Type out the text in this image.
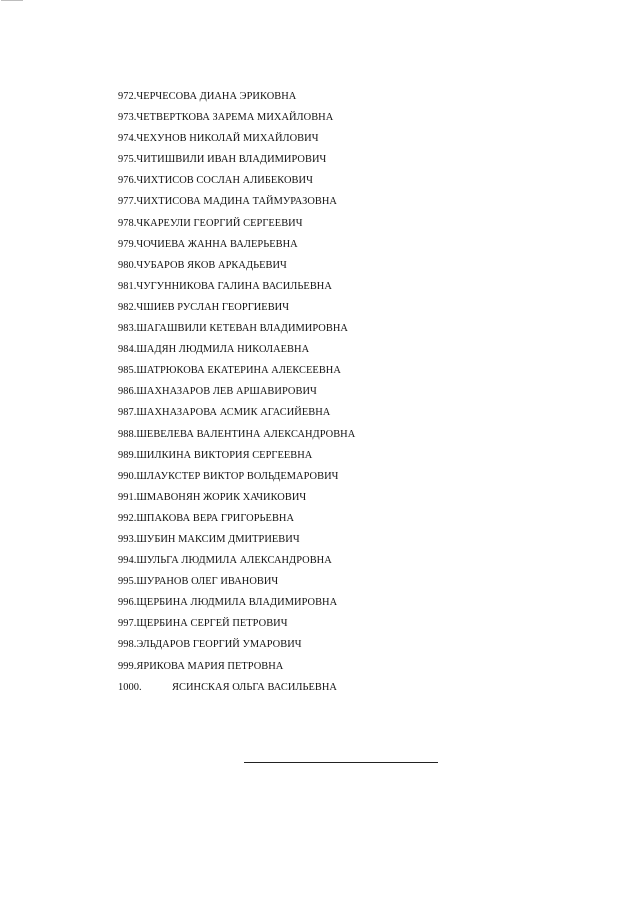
972.ЧЕРЧЕСОВА ДИАНА ЭРИКОВНА
973.ЧЕТВЕРТКОВА ЗАРЕМА МИХАЙЛОВНА
974.ЧЕХУНОВ НИКОЛАЙ МИХАЙЛОВИЧ
975.ЧИТИШВИЛИ ИВАН ВЛАДИМИРОВИЧ
976.ЧИХТИСОВ СОСЛАН АЛИБЕКОВИЧ
977.ЧИХТИСОВА МАДИНА ТАЙМУРАЗОВНА
978.ЧКАРЕУЛИ ГЕОРГИЙ СЕРГЕЕВИЧ
979.ЧОЧИЕВА ЖАННА ВАЛЕРЬЕВНА
980.ЧУБАРОВ ЯКОВ АРКАДЬЕВИЧ
981.ЧУГУННИКОВА ГАЛИНА ВАСИЛЬЕВНА
982.ЧШИЕВ РУСЛАН ГЕОРГИЕВИЧ
983.ШАГАШВИЛИ КЕТЕВАН ВЛАДИМИРОВНА
984.ШАДЯН ЛЮДМИЛА НИКОЛАЕВНА
985.ШАТРЮКОВА ЕКАТЕРИНА АЛЕКСЕЕВНА
986.ШАХНАЗАРОВ ЛЕВ АРШАВИРОВИЧ
987.ШАХНАЗАРОВА АСМИК АГАСИЙЕВНА
988.ШЕВЕЛЕВА ВАЛЕНТИНА АЛЕКСАНДРОВНА
989.ШИЛКИНА ВИКТОРИЯ СЕРГЕЕВНА
990.ШЛАУКСТЕР ВИКТОР ВОЛЬДЕМАРОВИЧ
991.ШМАВОНЯН ЖОРИК ХАЧИКОВИЧ
992.ШПАКОВА ВЕРА ГРИГОРЬЕВНА
993.ШУБИН МАКСИМ ДМИТРИЕВИЧ
994.ШУЛЬГА ЛЮДМИЛА АЛЕКСАНДРОВНА
995.ШУРАНОВ ОЛЕГ ИВАНОВИЧ
996.ЩЕРБИНА ЛЮДМИЛА ВЛАДИМИРОВНА
997.ЩЕРБИНА СЕРГЕЙ ПЕТРОВИЧ
998.ЭЛЬДАРОВ ГЕОРГИЙ УМАРОВИЧ
999.ЯРИКОВА МАРИЯ ПЕТРОВНА
1000.	ЯСИНСКАЯ ОЛЬГА ВАСИЛЬЕВНА
